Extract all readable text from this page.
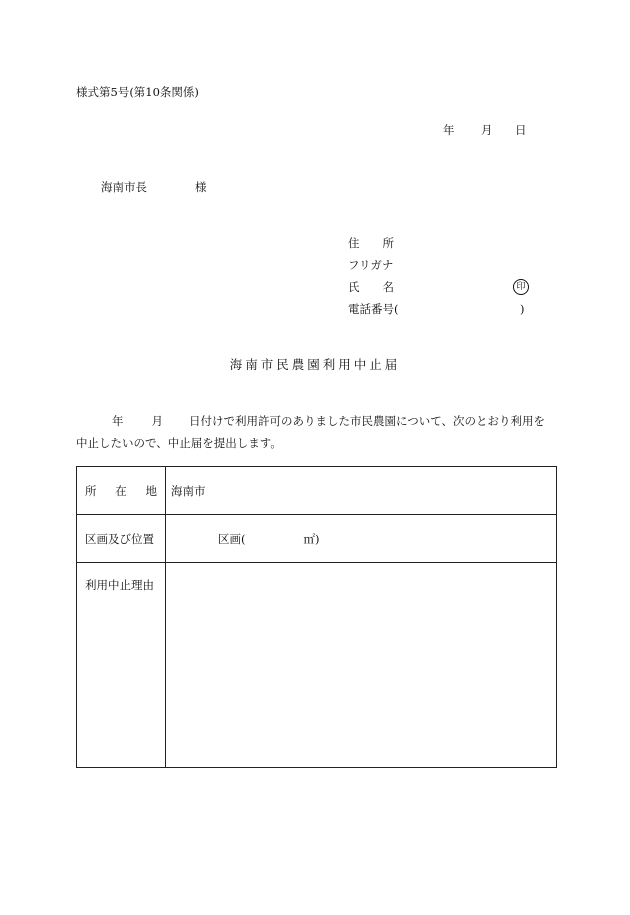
様式第5号(第10条関係)
年 月 日
海南市長	様
住　　所
フリガナ
氏　　名	印
電話番号(	)
海南市民農園利用中止届
年 月 日付けで利用許可のありました市民農園について、次のとおり利用を
中止したいので、中止届を提出します。
所 在 地	海南市
区画及び位置	区画( ㎡)
利用中止理由	
